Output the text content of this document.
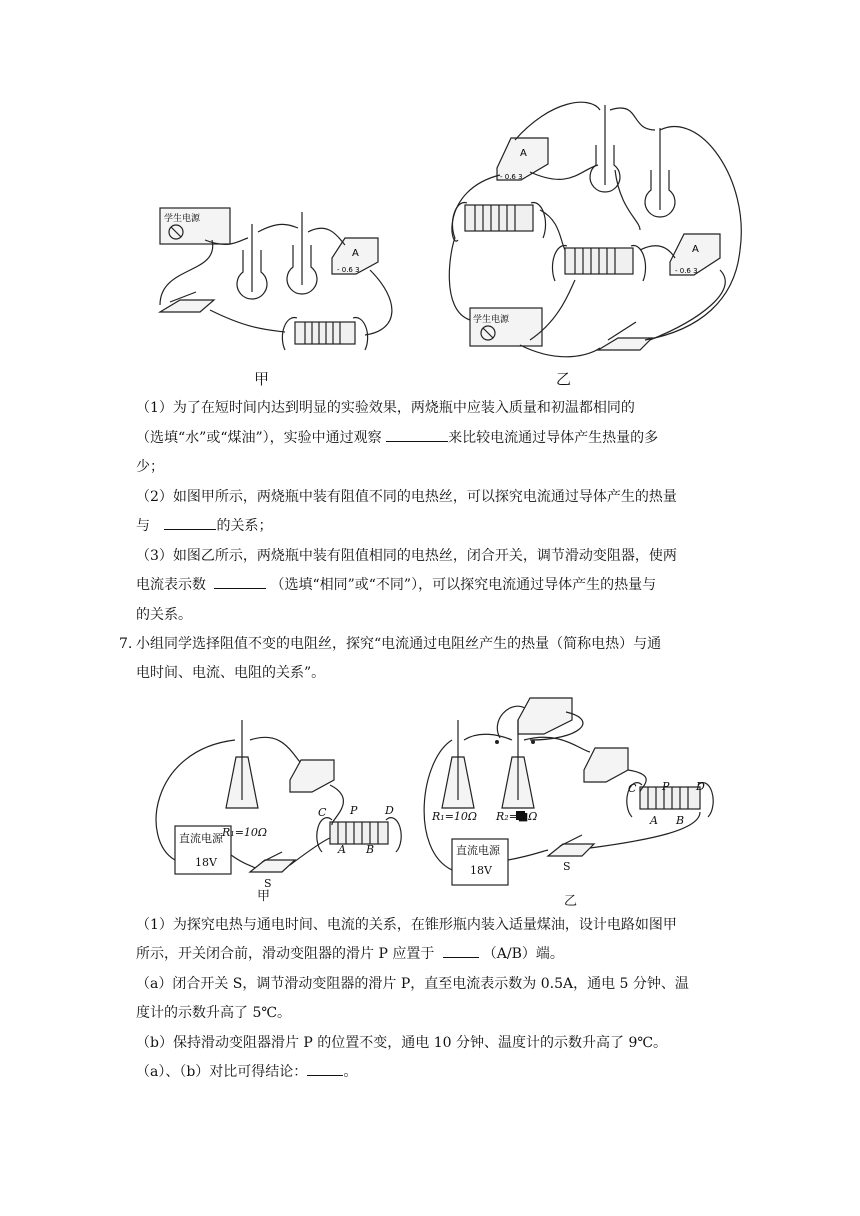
学生电源
学生电源
A
A
A
- 0.6 3
- 0.6 3
- 0.6 3
甲	乙
（1）为了在短时间内达到明显的实验效果，两烧瓶中应装入质量和初温都相同的
（选填“水”或“煤油”），实验中通过观察	来比较电流通过导体产生热量的多
少；
（2）如图甲所示，两烧瓶中装有阻值不同的电热丝，可以探究电流通过导体产生的热量
与	的关系；
（3）如图乙所示，两烧瓶中装有阻值相同的电热丝，闭合开关，调节滑动变阻器，使两
电流表示数	（选填“相同”或“不同”），可以探究电流通过导体产生的热量与
的关系。
7. 小组同学选择阻值不变的电阻丝，探究“电流通过电阻丝产生的热量（简称电热）与通
电时间、电流、电阻的关系”。
R₁=10Ω
R₁=10Ω R₂=■Ω
直流电源
18V
直流电源
18V
S
S
C P	D
A B
C P D
A B
甲	乙
（1）为探究电热与通电时间、电流的关系，在锥形瓶内装入适量煤油，设计电路如图甲
所示，开关闭合前，滑动变阻器的滑片 P 应置于	（A/B）端。
（a）闭合开关 S，调节滑动变阻器的滑片 P，直至电流表示数为 0.5A，通电 5 分钟、温
度计的示数升高了 5℃。
（b）保持滑动变阻器滑片 P 的位置不变，通电 10 分钟、温度计的示数升高了 9℃。
（a）、（b）对比可得结论：	。
